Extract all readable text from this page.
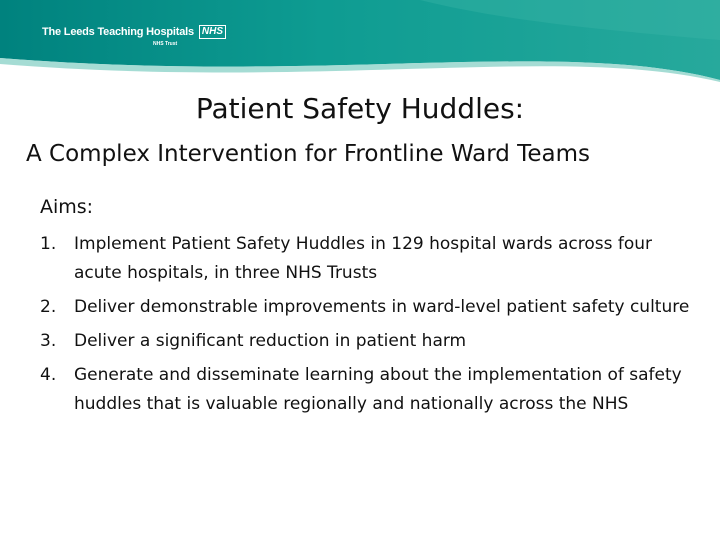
The Leeds Teaching Hospitals NHS
NHS Trust
Patient Safety Huddles:
A Complex Intervention for Frontline Ward Teams
Aims:
1. Implement Patient Safety Huddles in 129 hospital wards across four acute hospitals, in three NHS Trusts
2. Deliver demonstrable improvements in ward-level patient safety culture
3. Deliver a significant reduction in patient harm
4. Generate and disseminate learning about the implementation of safety huddles that is valuable regionally and nationally across the NHS
